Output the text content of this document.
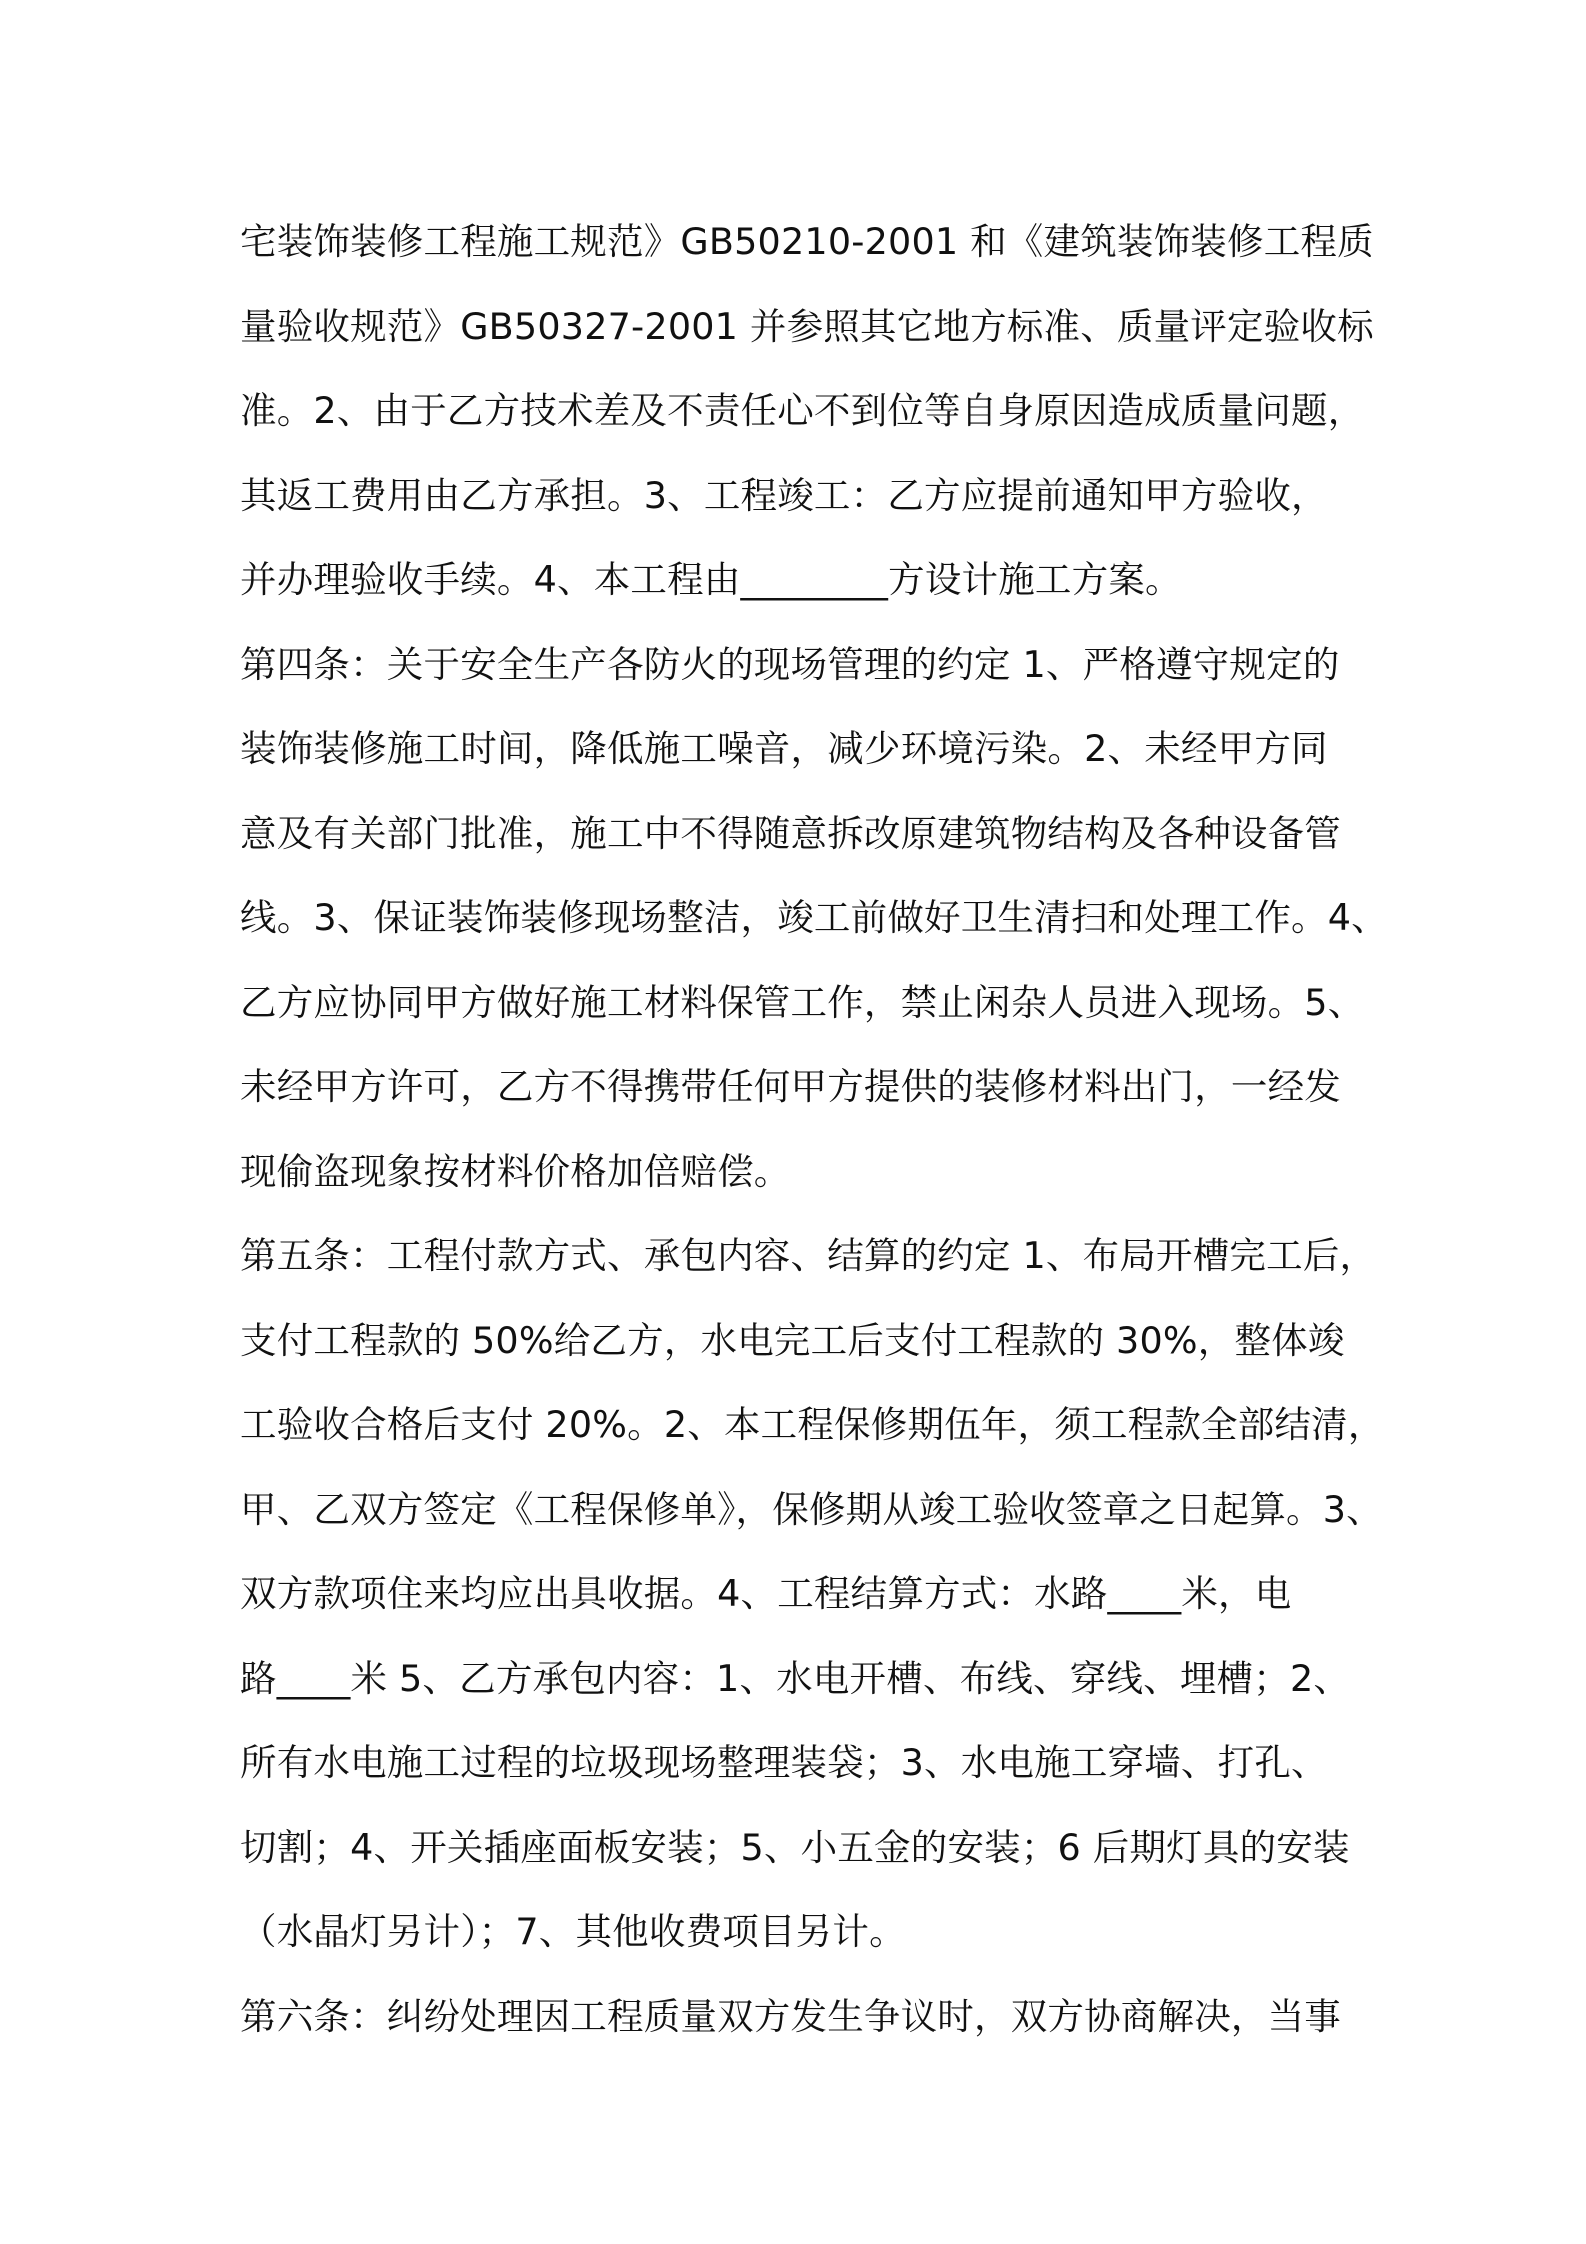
宅装饰装修工程施工规范》GB50210-2001 和《建筑装饰装修工程质
量验收规范》GB50327-2001 并参照其它地方标准、质量评定验收标
准。2、由于乙方技术差及不责任心不到位等自身原因造成质量问题，
其返工费用由乙方承担。3、工程竣工：乙方应提前通知甲方验收，
并办理验收手续。4、本工程由________方设计施工方案。
第四条：关于安全生产各防火的现场管理的约定 1、严格遵守规定的
装饰装修施工时间，降低施工噪音，减少环境污染。2、未经甲方同
意及有关部门批准，施工中不得随意拆改原建筑物结构及各种设备管
线。3、保证装饰装修现场整洁，竣工前做好卫生清扫和处理工作。4、
乙方应协同甲方做好施工材料保管工作，禁止闲杂人员进入现场。5、
未经甲方许可，乙方不得携带任何甲方提供的装修材料出门，一经发
现偷盗现象按材料价格加倍赔偿。
第五条：工程付款方式、承包内容、结算的约定 1、布局开槽完工后，
支付工程款的 50%给乙方，水电完工后支付工程款的 30%，整体竣
工验收合格后支付 20%。2、本工程保修期伍年，须工程款全部结清，
甲、乙双方签定《工程保修单》，保修期从竣工验收签章之日起算。3、
双方款项住来均应出具收据。4、工程结算方式：水路____米，电
路____米 5、乙方承包内容：1、水电开槽、布线、穿线、埋槽；2、
所有水电施工过程的垃圾现场整理装袋；3、水电施工穿墙、打孔、
切割；4、开关插座面板安装；5、小五金的安装；6 后期灯具的安装
（水晶灯另计）；7、其他收费项目另计。
第六条：纠纷处理因工程质量双方发生争议时，双方协商解决，当事
